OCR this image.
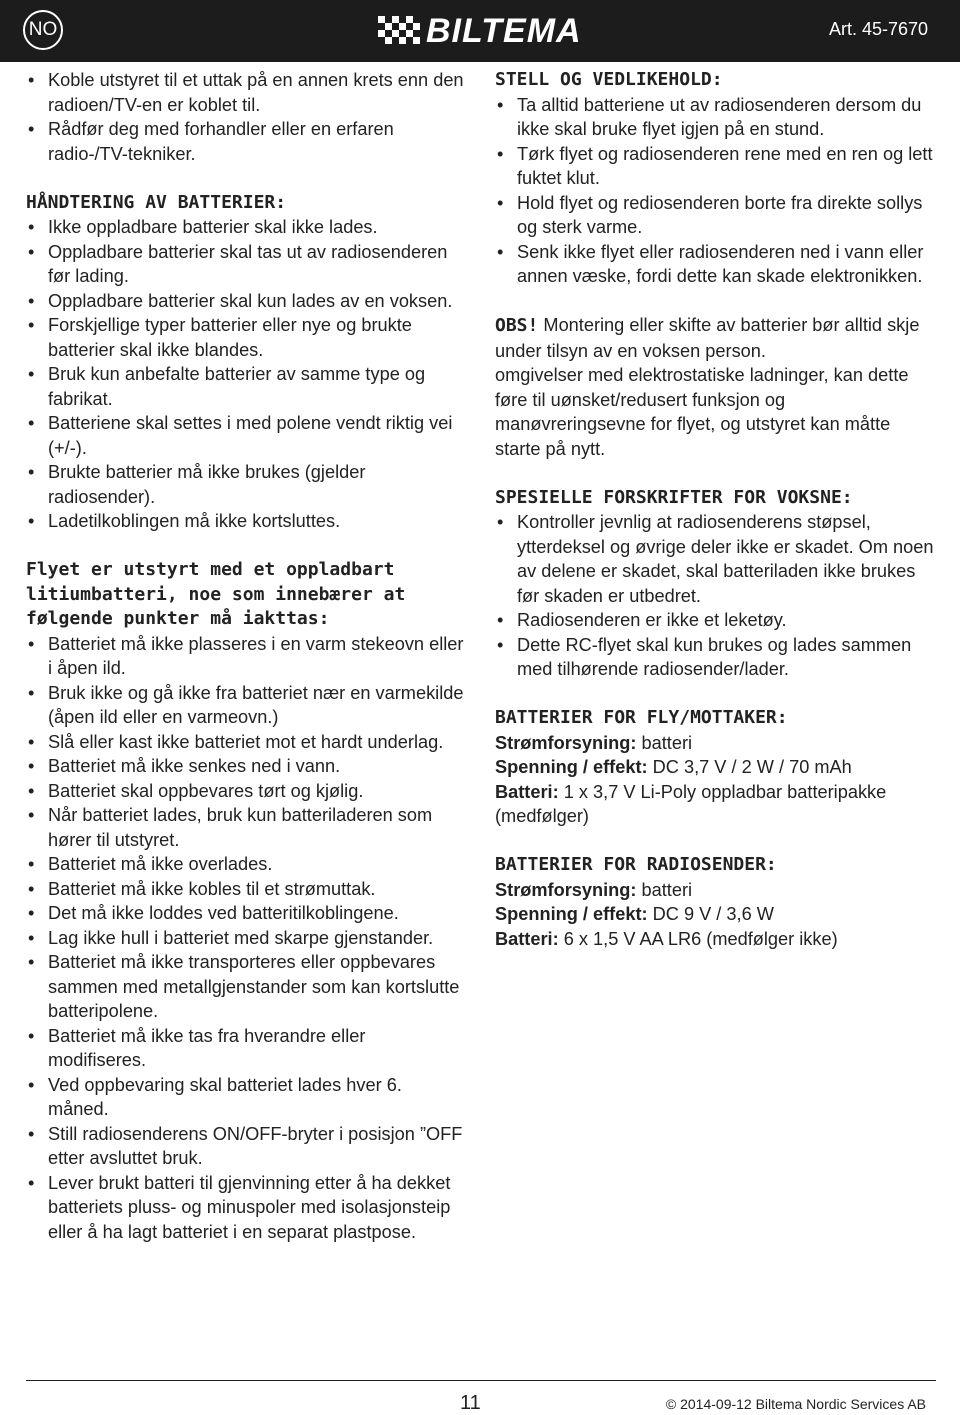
NO	BILTEMA	Art. 45-7670
• Koble utstyret til et uttak på en annen krets enn den radioen/TV-en er koblet til.
• Rådfør deg med forhandler eller en erfaren radio-/TV-tekniker.
HÅNDTERING AV BATTERIER:
• Ikke oppladbare batterier skal ikke lades.
• Oppladbare batterier skal tas ut av radiosenderen før lading.
• Oppladbare batterier skal kun lades av en voksen.
• Forskjellige typer batterier eller nye og brukte batterier skal ikke blandes.
• Bruk kun anbefalte batterier av samme type og fabrikat.
• Batteriene skal settes i med polene vendt riktig vei (+/-).
• Brukte batterier må ikke brukes (gjelder radiosender).
• Ladetilkoblingen må ikke kortsluttes.
Flyet er utstyrt med et oppladbart litiumbatteri, noe som innebærer at følgende punkter må iakttas:
• Batteriet må ikke plasseres i en varm stekeovn eller i åpen ild.
• Bruk ikke og gå ikke fra batteriet nær en varmekilde (åpen ild eller en varmeovn.)
• Slå eller kast ikke batteriet mot et hardt underlag.
• Batteriet må ikke senkes ned i vann.
• Batteriet skal oppbevares tørt og kjølig.
• Når batteriet lades, bruk kun batteriladeren som hører til utstyret.
• Batteriet må ikke overlades.
• Batteriet må ikke kobles til et strømuttak.
• Det må ikke loddes ved batteritilkoblingene.
• Lag ikke hull i batteriet med skarpe gjenstander.
• Batteriet må ikke transporteres eller oppbevares sammen med metallgjenstander som kan kortslutte batteripolene.
• Batteriet må ikke tas fra hverandre eller modifiseres.
• Ved oppbevaring skal batteriet lades hver 6. måned.
• Still radiosenderens ON/OFF-bryter i posisjon ”OFF etter avsluttet bruk.
• Lever brukt batteri til gjenvinning etter å ha dekket batteriets pluss- og minuspoler med isolasjonsteip eller å ha lagt batteriet i en separat plastpose.
STELL OG VEDLIKEHOLD:
• Ta alltid batteriene ut av radiosenderen dersom du ikke skal bruke flyet igjen på en stund.
• Tørk flyet og radiosenderen rene med en ren og lett fuktet klut.
• Hold flyet og rediosenderen borte fra direkte sollys og sterk varme.
• Senk ikke flyet eller radiosenderen ned i vann eller annen væske, fordi dette kan skade elektronikken.

OBS! Montering eller skifte av batterier bør alltid skje under tilsyn av en voksen person.

omgivelser med elektrostatiske ladninger, kan dette føre til uønsket/redusert funksjon og manøvreringsevne for flyet, og utstyret kan måtte starte på nytt.

SPESIELLE FORSKRIFTER FOR VOKSNE:
• Kontroller jevnlig at radiosenderens støpsel, ytterdeksel og øvrige deler ikke er skadet. Om noen av delene er skadet, skal batteriladen ikke brukes før skaden er utbedret.
• Radiosenderen er ikke et leketøy.
• Dette RC-flyet skal kun brukes og lades sammen med tilhørende radiosender/lader.
BATTERIER FOR FLY/MOTTAKER:
Strømforsyning: batteri
Spenning / effekt: DC 3,7 V / 2 W / 70 mAh
Batteri: 1 x 3,7 V Li-Poly oppladbar batteripakke (medfølger)
BATTERIER FOR RADIOSENDER:
Strømforsyning: batteri
Spenning / effekt: DC 9 V / 3,6 W
Batteri: 6 x 1,5 V AA LR6 (medfølger ikke)
11	© 2014-09-12 Biltema Nordic Services AB
